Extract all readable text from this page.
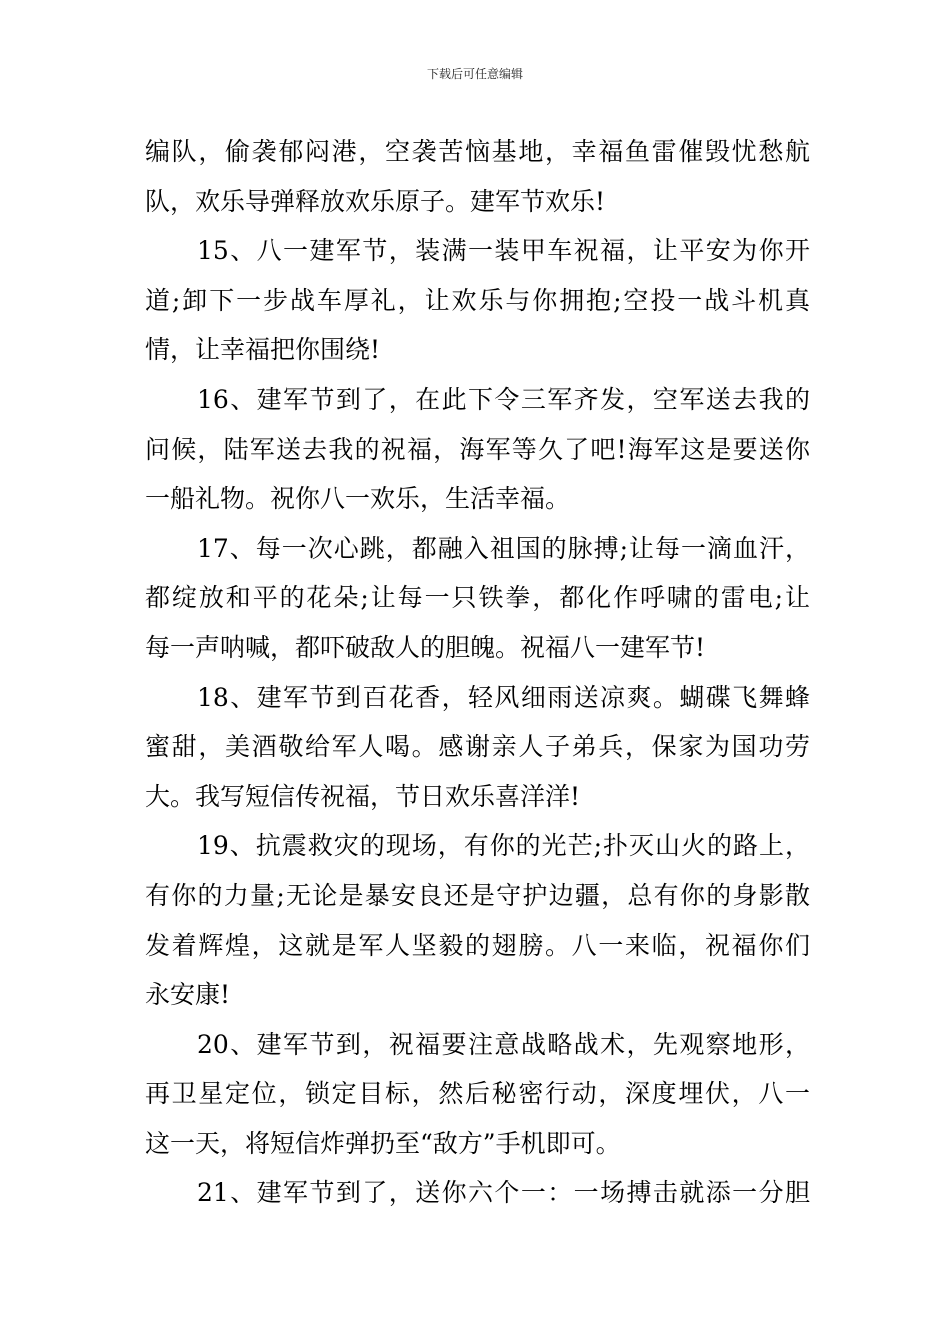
下载后可任意编辑

编队，偷袭郁闷港，空袭苦恼基地，幸福鱼雷催毁忧愁航
队，欢乐导弹释放欢乐原子。建军节欢乐!

15、八一建军节，装满一装甲车祝福，让平安为你开
道;卸下一步战车厚礼，让欢乐与你拥抱;空投一战斗机真
情，让幸福把你围绕!

16、建军节到了，在此下令三军齐发，空军送去我的
问候，陆军送去我的祝福，海军等久了吧!海军这是要送你
一船礼物。祝你八一欢乐，生活幸福。

17、每一次心跳，都融入祖国的脉搏;让每一滴血汗，
都绽放和平的花朵;让每一只铁拳，都化作呼啸的雷电;让
每一声呐喊，都吓破敌人的胆魄。祝福八一建军节!

18、建军节到百花香，轻风细雨送凉爽。蝴碟飞舞蜂
蜜甜，美酒敬给军人喝。感谢亲人子弟兵，保家为国功劳
大。我写短信传祝福，节日欢乐喜洋洋!

19、抗震救灾的现场，有你的光芒;扑灭山火的路上，
有你的力量;无论是暴安良还是守护边疆，总有你的身影散
发着辉煌，这就是军人坚毅的翅膀。八一来临，祝福你们
永安康!

20、建军节到，祝福要注意战略战术，先观察地形，
再卫星定位，锁定目标，然后秘密行动，深度埋伏，八一
这一天，将短信炸弹扔至“敌方”手机即可。

21、建军节到了，送你六个一：一场搏击就添一分胆
